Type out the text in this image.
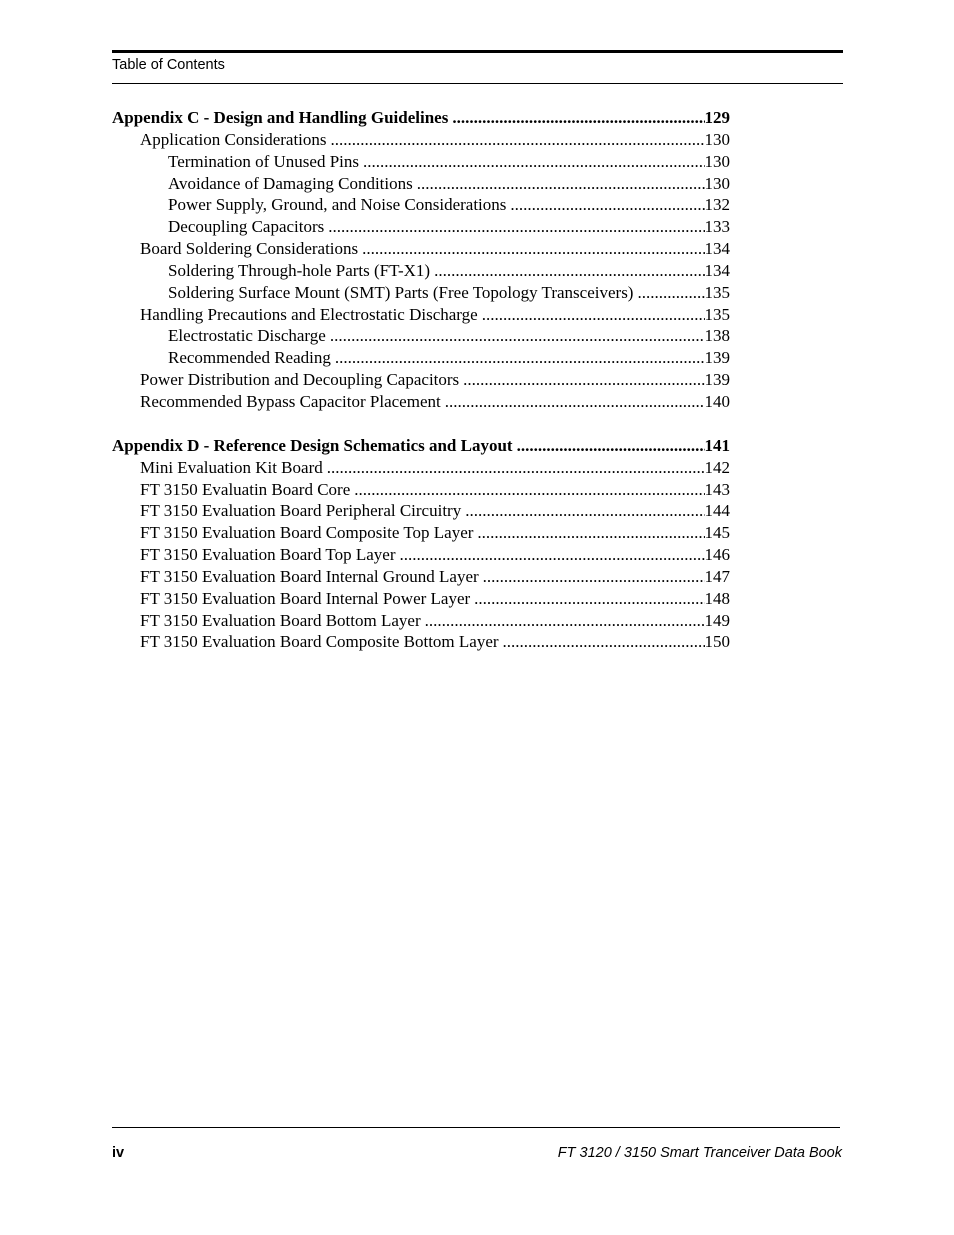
Table of Contents
Appendix C - Design and Handling Guidelines .....	129
Application Considerations .....	130
Termination of Unused Pins .....	130
Avoidance of Damaging Conditions .....	130
Power Supply, Ground, and Noise Considerations .....	132
Decoupling Capacitors .....	133
Board Soldering Considerations .....	134
Soldering Through-hole Parts (FT-X1) .....	134
Soldering Surface Mount (SMT) Parts (Free Topology Transceivers) .....	135
Handling Precautions and Electrostatic Discharge .....	135
Electrostatic Discharge .....	138
Recommended Reading .....	139
Power Distribution and Decoupling Capacitors .....	139
Recommended Bypass Capacitor Placement .....	140
Appendix D - Reference Design Schematics and Layout .....	141
Mini Evaluation Kit Board .....	142
FT 3150 Evaluatin Board Core .....	143
FT 3150 Evaluation Board Peripheral Circuitry .....	144
FT 3150 Evaluation Board Composite Top Layer .....	145
FT 3150 Evaluation Board Top Layer .....	146
FT 3150 Evaluation Board Internal Ground Layer .....	147
FT 3150 Evaluation Board Internal Power Layer .....	148
FT 3150 Evaluation Board Bottom Layer .....	149
FT 3150 Evaluation Board Composite Bottom Layer .....	150
iv	FT 3120 / 3150 Smart Tranceiver Data Book
